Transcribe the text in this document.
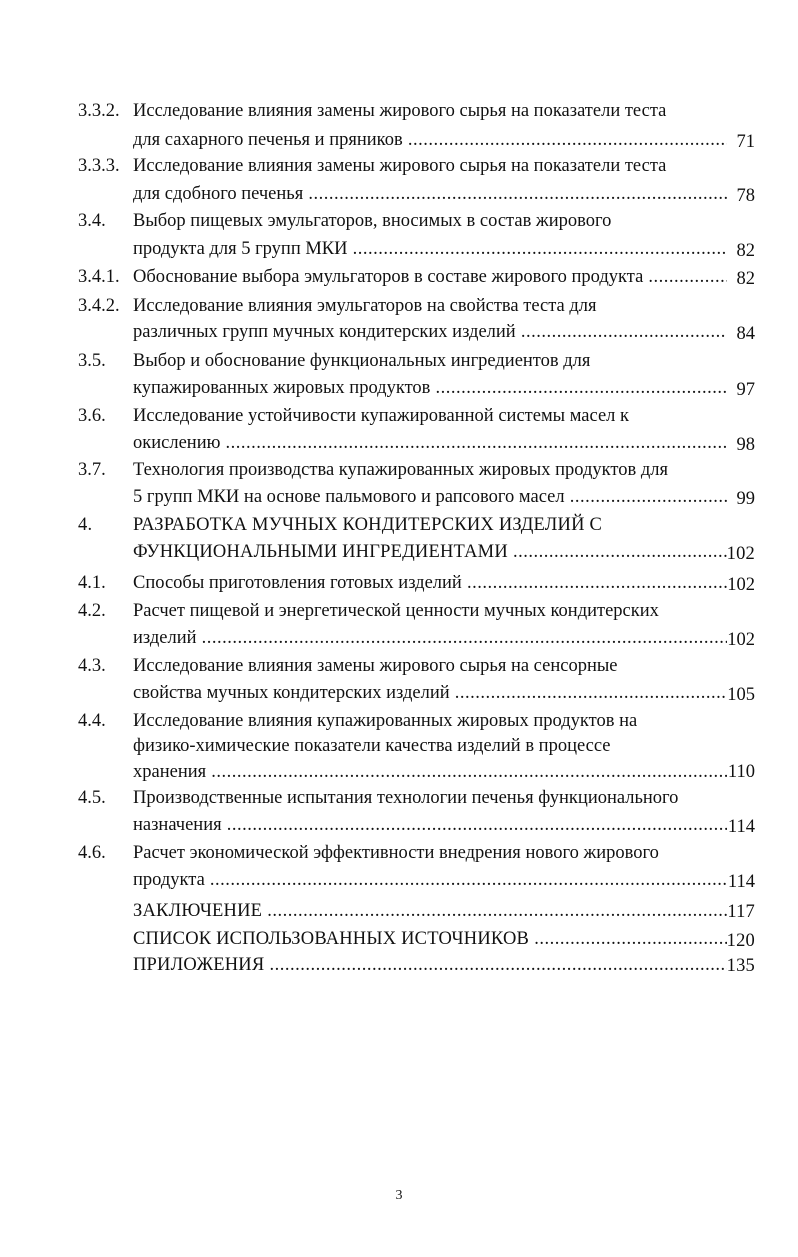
3.3.2. Исследование влияния замены жирового сырья на показатели теста
для сахарного печенья и пряников .....	71
3.3.3. Исследование влияния замены жирового сырья на показатели теста
для сдобного печенья .....	78
3.4. Выбор пищевых эмульгаторов, вносимых в состав жирового
продукта для 5 групп МКИ .....	82
3.4.1. Обоснование выбора эмульгаторов в составе жирового продукта .....	82
3.4.2. Исследование влияния эмульгаторов на свойства теста для
различных групп мучных кондитерских изделий .....	84
3.5. Выбор и обоснование функциональных ингредиентов для
купажированных жировых продуктов .....	97
3.6. Исследование устойчивости купажированной системы масел к
окислению .....	98
3.7. Технология производства купажированных жировых продуктов для
5 групп МКИ на основе пальмового и рапсового масел .....	99
4. РАЗРАБОТКА МУЧНЫХ КОНДИТЕРСКИХ ИЗДЕЛИЙ С
ФУНКЦИОНАЛЬНЫМИ ИНГРЕДИЕНТАМИ .....	102
4.1. Способы приготовления готовых изделий .....	102
4.2. Расчет пищевой и энергетической ценности мучных кондитерских
изделий .....	102
4.3. Исследование влияния замены жирового сырья на сенсорные
свойства мучных кондитерских изделий .....	105
4.4. Исследование влияния купажированных жировых продуктов на
физико-химические показатели качества изделий в процессе
хранения .....	110
4.5. Производственные испытания технологии печенья функционального
назначения .....	114
4.6. Расчет экономической эффективности внедрения нового жирового
продукта .....	114
ЗАКЛЮЧЕНИЕ .....	117
СПИСОК ИСПОЛЬЗОВАННЫХ ИСТОЧНИКОВ .....	120
ПРИЛОЖЕНИЯ .....	135
3
